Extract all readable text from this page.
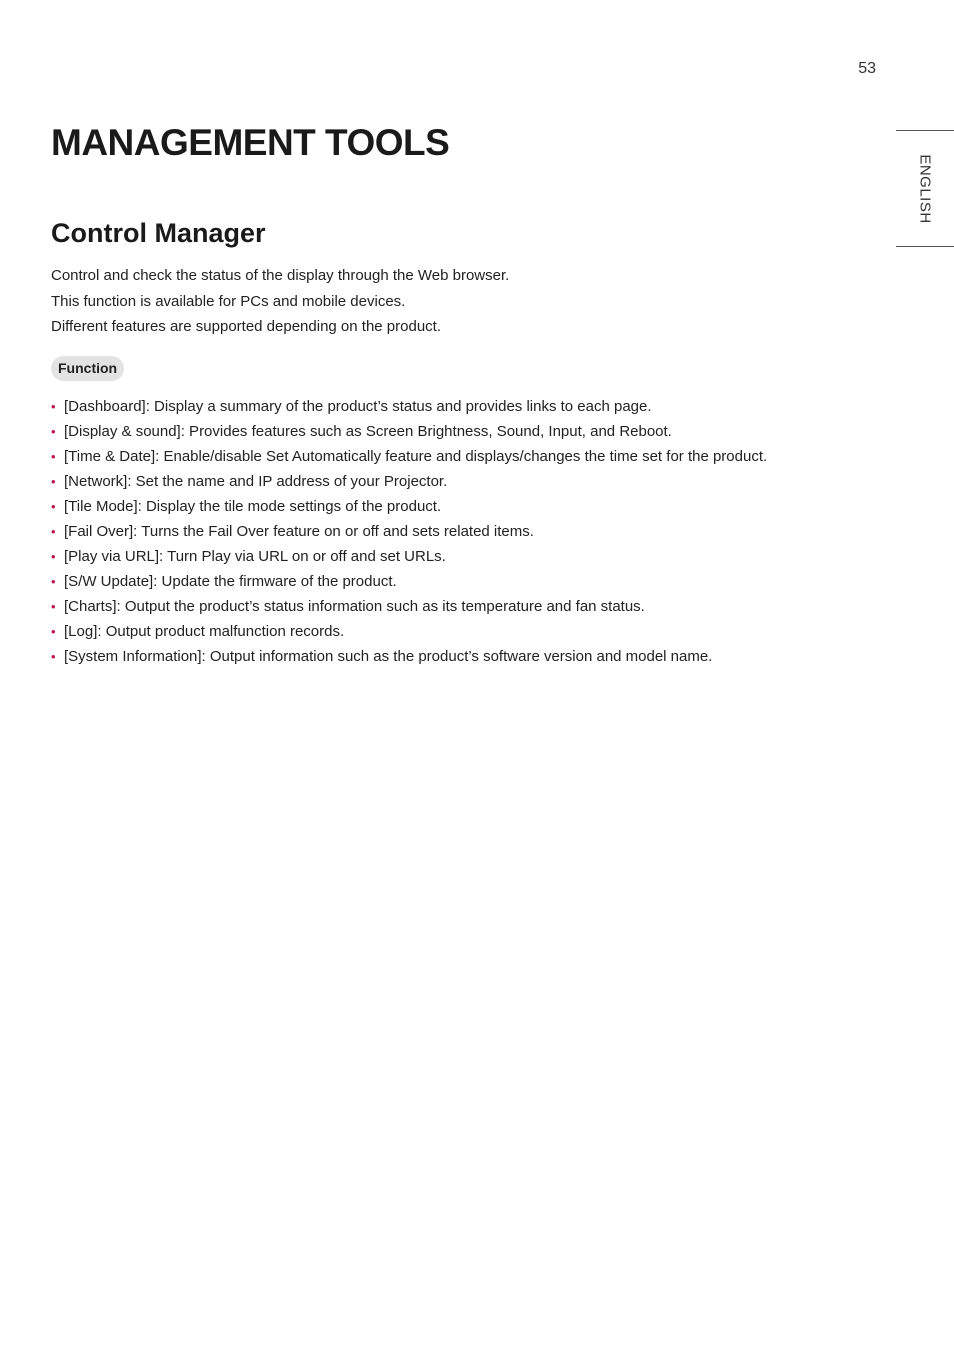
53
ENGLISH
MANAGEMENT TOOLS
Control Manager
Control and check the status of the display through the Web browser.
This function is available for PCs and mobile devices.
Different features are supported depending on the product.
Function
• [Dashboard]: Display a summary of the product’s status and provides links to each page.
• [Display & sound]: Provides features such as Screen Brightness, Sound, Input, and Reboot.
• [Time & Date]: Enable/disable Set Automatically feature and displays/changes the time set for the product.
• [Network]: Set the name and IP address of your Projector.
• [Tile Mode]: Display the tile mode settings of the product.
• [Fail Over]: Turns the Fail Over feature on or off and sets related items.
• [Play via URL]: Turn Play via URL on or off and set URLs.
• [S/W Update]: Update the firmware of the product.
• [Charts]: Output the product’s status information such as its temperature and fan status.
• [Log]: Output product malfunction records.
• [System Information]: Output information such as the product’s software version and model name.
